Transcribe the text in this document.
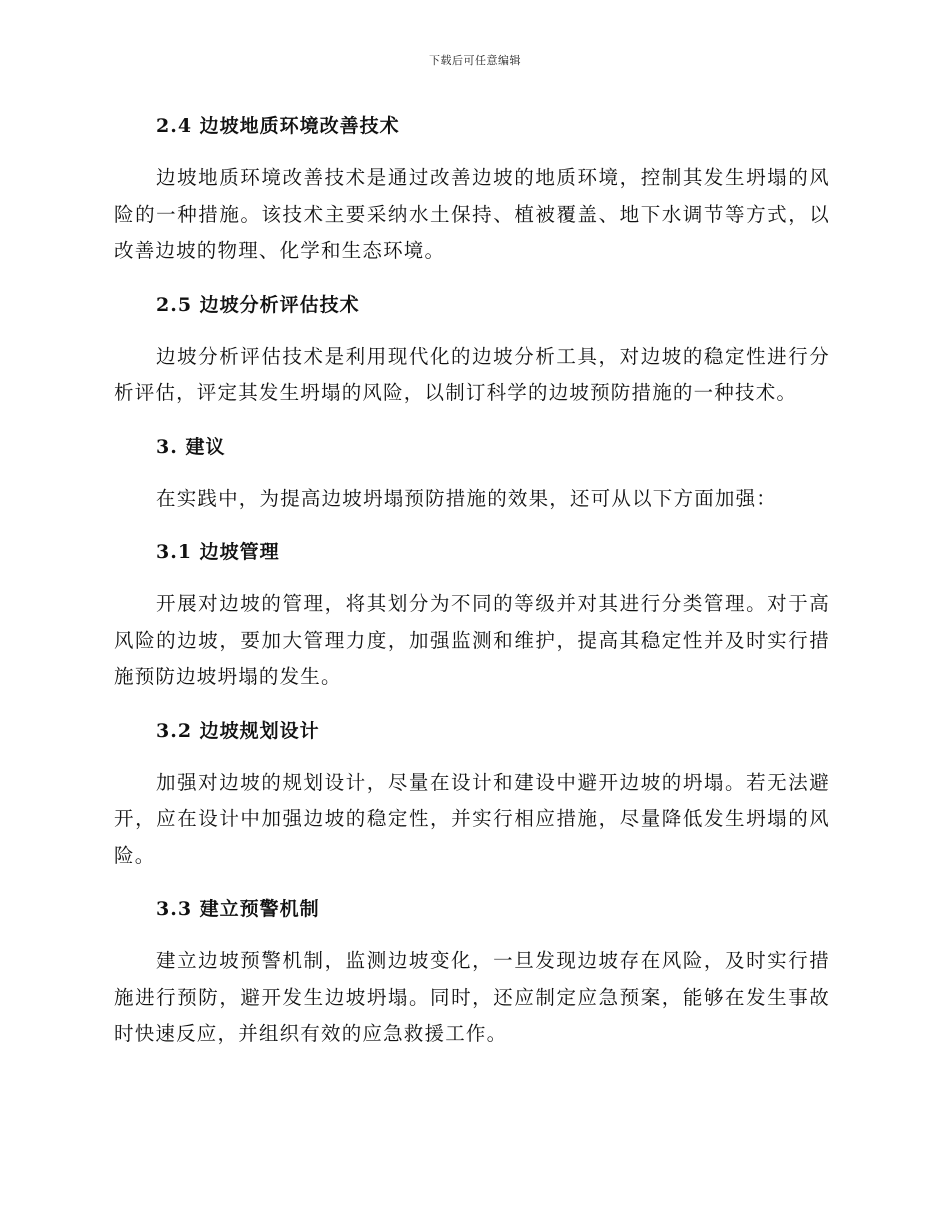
下载后可任意编辑
2.4 边坡地质环境改善技术
边坡地质环境改善技术是通过改善边坡的地质环境，控制其发生坍塌的风险的一种措施。该技术主要采纳水土保持、植被覆盖、地下水调节等方式，以改善边坡的物理、化学和生态环境。
2.5 边坡分析评估技术
边坡分析评估技术是利用现代化的边坡分析工具，对边坡的稳定性进行分析评估，评定其发生坍塌的风险，以制订科学的边坡预防措施的一种技术。
3. 建议
在实践中，为提高边坡坍塌预防措施的效果，还可从以下方面加强：
3.1 边坡管理
开展对边坡的管理，将其划分为不同的等级并对其进行分类管理。对于高风险的边坡，要加大管理力度，加强监测和维护，提高其稳定性并及时实行措施预防边坡坍塌的发生。
3.2 边坡规划设计
加强对边坡的规划设计，尽量在设计和建设中避开边坡的坍塌。若无法避开，应在设计中加强边坡的稳定性，并实行相应措施，尽量降低发生坍塌的风险。
3.3 建立预警机制
建立边坡预警机制，监测边坡变化，一旦发现边坡存在风险，及时实行措施进行预防，避开发生边坡坍塌。同时，还应制定应急预案，能够在发生事故时快速反应，并组织有效的应急救援工作。
